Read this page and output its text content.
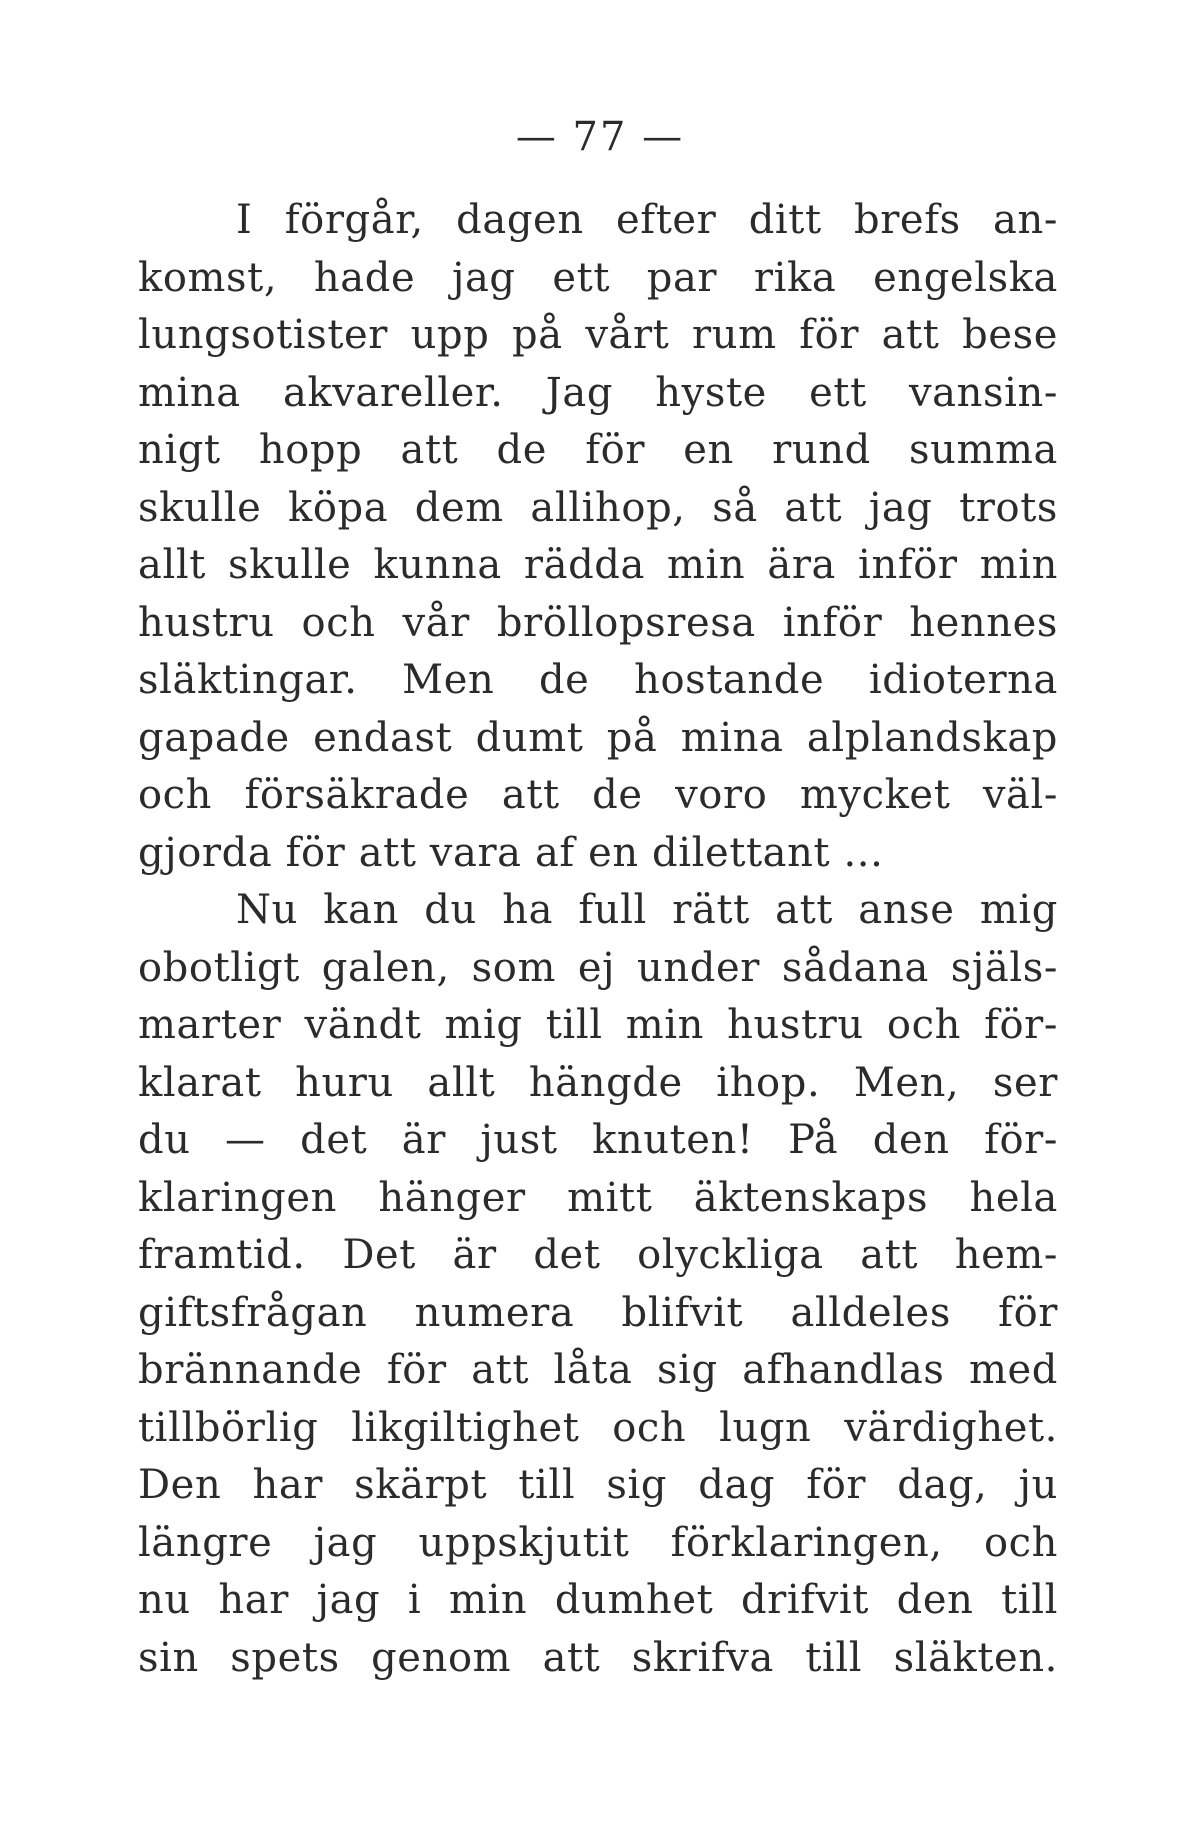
— 77 —
I förgår, dagen efter ditt brefs an-
komst, hade jag ett par rika engelska
lungsotister upp på vårt rum för att bese
mina akvareller. Jag hyste ett vansin-
nigt hopp att de för en rund summa
skulle köpa dem allihop, så att jag trots
allt skulle kunna rädda min ära inför min
hustru och vår bröllopsresa inför hennes
släktingar. Men de hostande idioterna
gapade endast dumt på mina alplandskap
och försäkrade att de voro mycket väl-
gjorda för att vara af en dilettant ...
Nu kan du ha full rätt att anse mig
obotligt galen, som ej under sådana själs-
marter vändt mig till min hustru och för-
klarat huru allt hängde ihop. Men, ser
du — det är just knuten! På den för-
klaringen hänger mitt äktenskaps hela
framtid. Det är det olyckliga att hem-
giftsfrågan numera blifvit alldeles för
brännande för att låta sig afhandlas med
tillbörlig likgiltighet och lugn värdighet.
Den har skärpt till sig dag för dag, ju
längre jag uppskjutit förklaringen, och
nu har jag i min dumhet drifvit den till
sin spets genom att skrifva till släkten.
